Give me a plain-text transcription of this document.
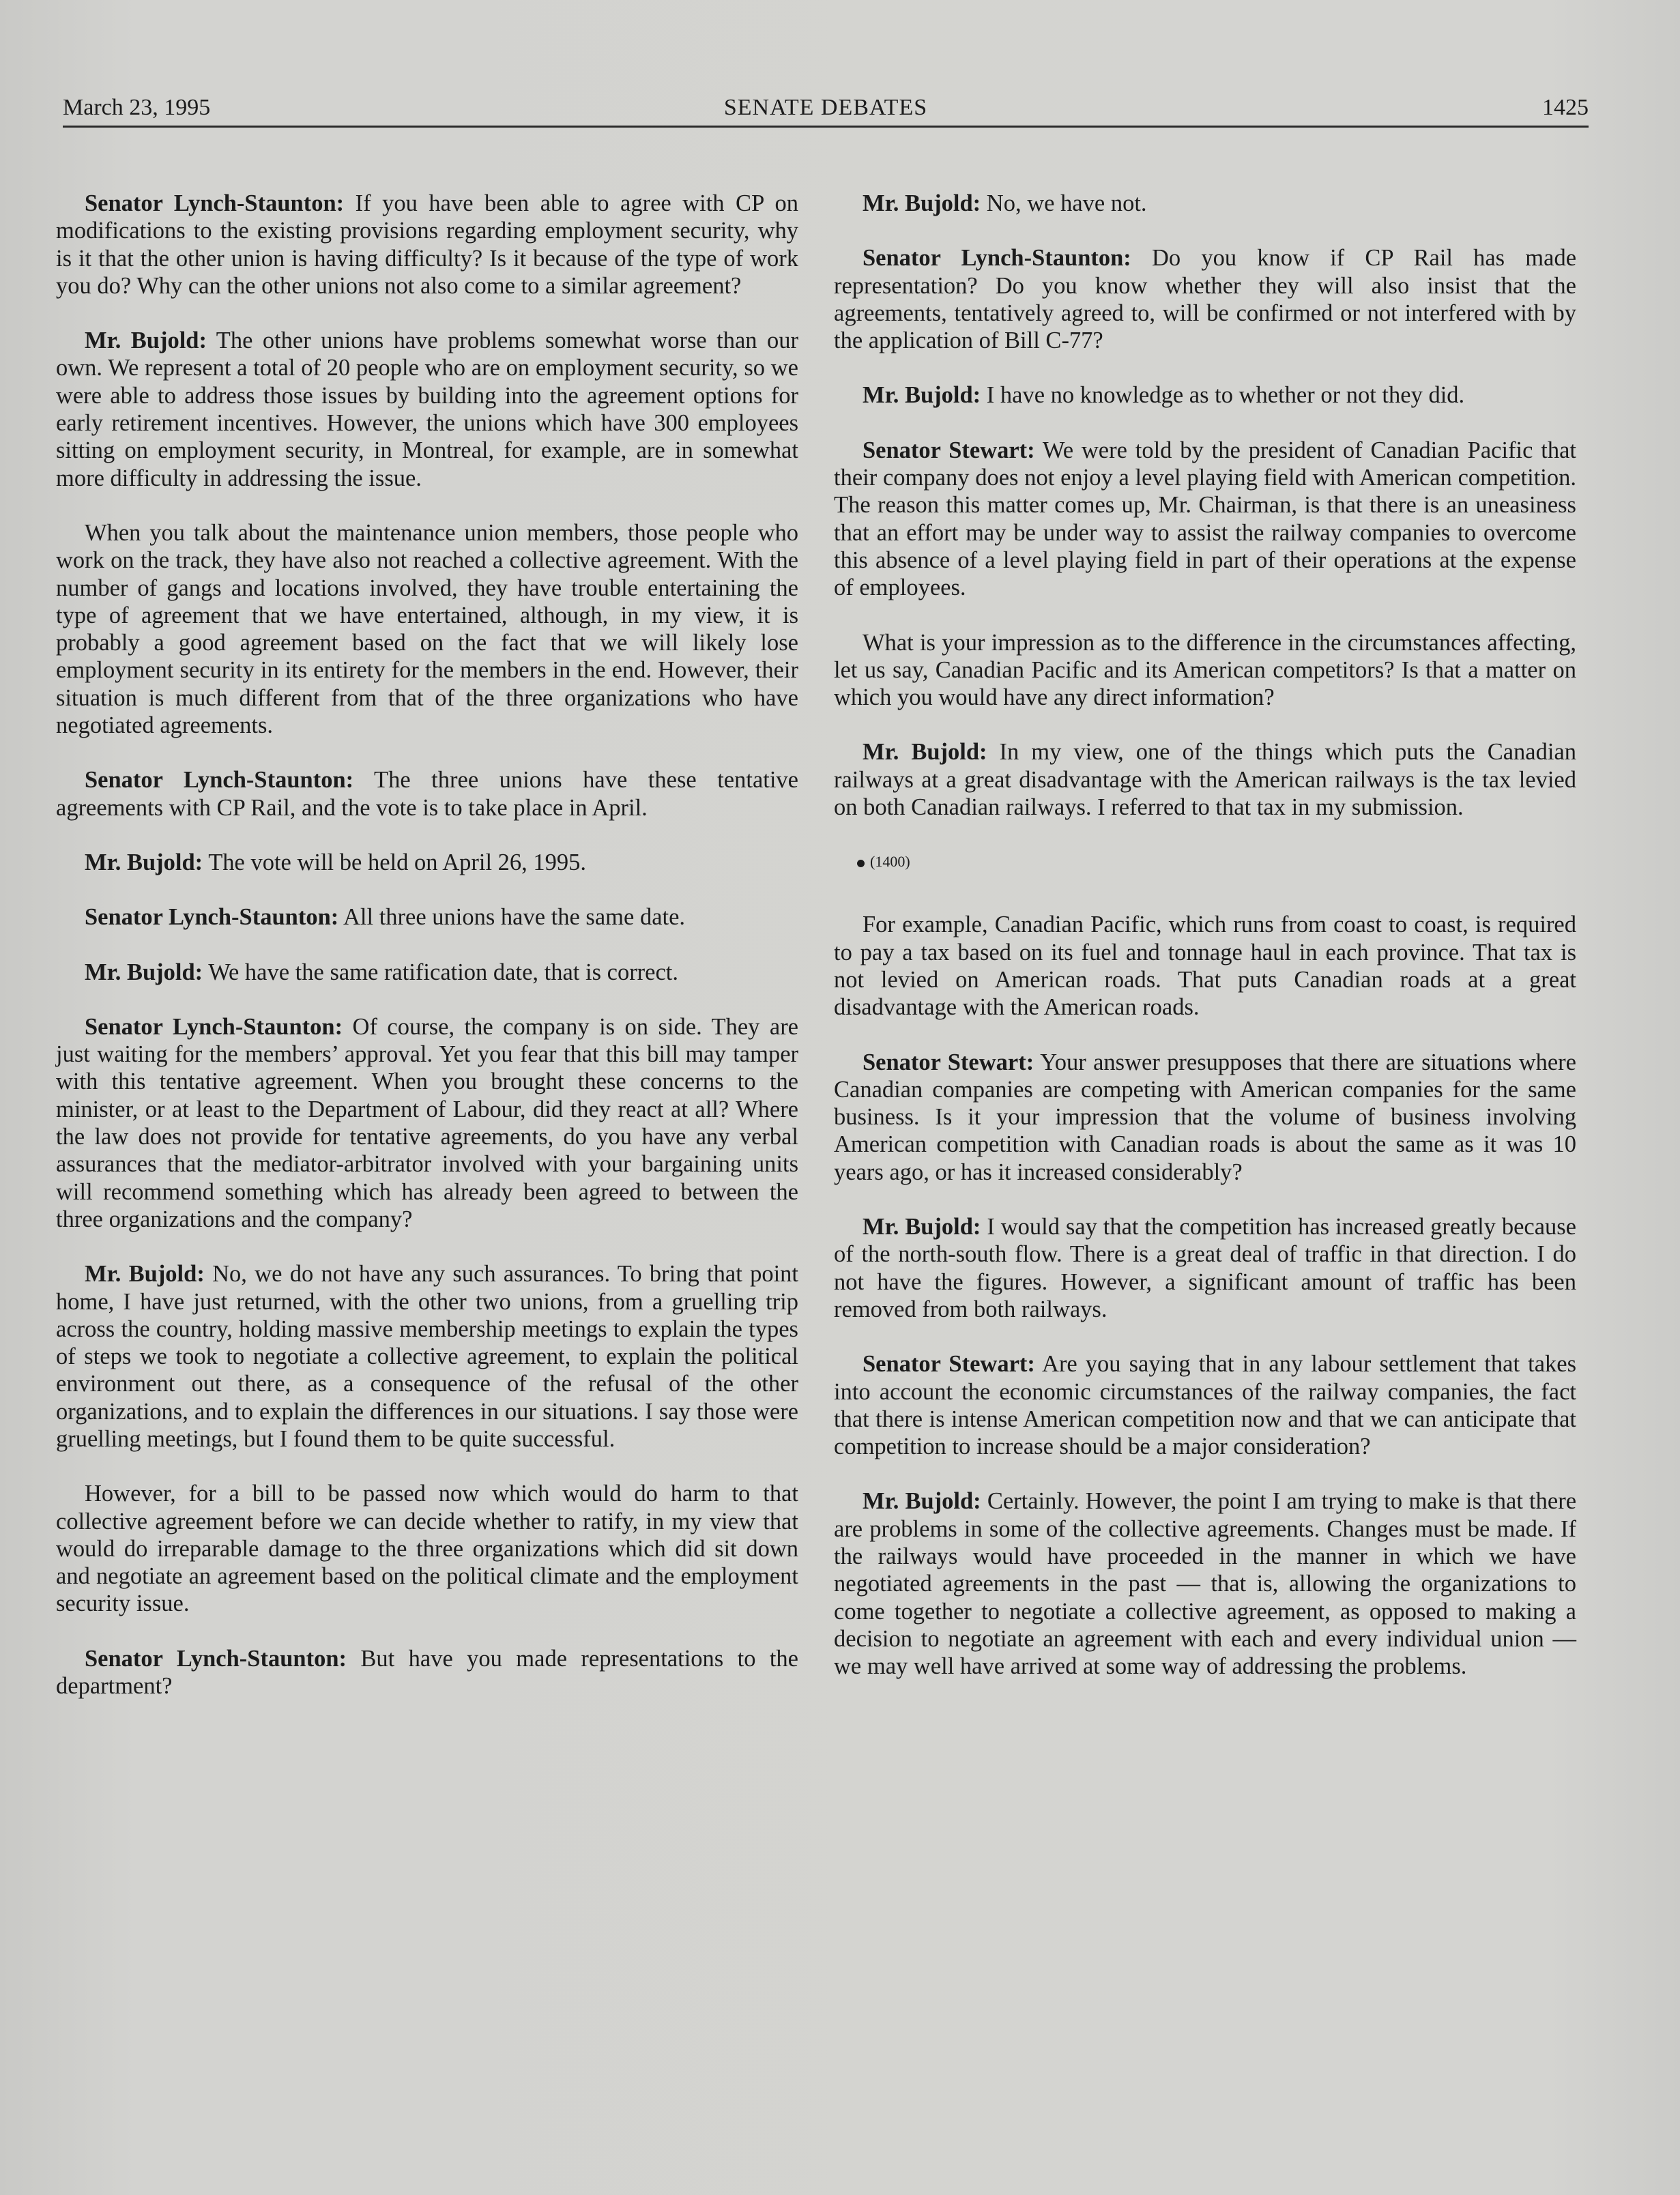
March 23, 1995	SENATE DEBATES	1425

Senator Lynch-Staunton: If you have been able to agree with CP on modifications to the existing provisions regarding employment security, why is it that the other union is having difficulty? Is it because of the type of work you do? Why can the other unions not also come to a similar agreement?

Mr. Bujold: The other unions have problems somewhat worse than our own. We represent a total of 20 people who are on employment security, so we were able to address those issues by building into the agreement options for early retirement incentives. However, the unions which have 300 employees sitting on employment security, in Montreal, for example, are in somewhat more difficulty in addressing the issue.

When you talk about the maintenance union members, those people who work on the track, they have also not reached a collective agreement. With the number of gangs and locations involved, they have trouble entertaining the type of agreement that we have entertained, although, in my view, it is probably a good agreement based on the fact that we will likely lose employment security in its entirety for the members in the end. However, their situation is much different from that of the three organizations who have negotiated agreements.

Senator Lynch-Staunton: The three unions have these tentative agreements with CP Rail, and the vote is to take place in April.

Mr. Bujold: The vote will be held on April 26, 1995.

Senator Lynch-Staunton: All three unions have the same date.

Mr. Bujold: We have the same ratification date, that is correct.

Senator Lynch-Staunton: Of course, the company is on side. They are just waiting for the members’ approval. Yet you fear that this bill may tamper with this tentative agreement. When you brought these concerns to the minister, or at least to the Department of Labour, did they react at all? Where the law does not provide for tentative agreements, do you have any verbal assurances that the mediator-arbitrator involved with your bargaining units will recommend something which has already been agreed to between the three organizations and the company?

Mr. Bujold: No, we do not have any such assurances. To bring that point home, I have just returned, with the other two unions, from a gruelling trip across the country, holding massive membership meetings to explain the types of steps we took to negotiate a collective agreement, to explain the political environment out there, as a consequence of the refusal of the other organizations, and to explain the differences in our situations. I say those were gruelling meetings, but I found them to be quite successful.

However, for a bill to be passed now which would do harm to that collective agreement before we can decide whether to ratify, in my view that would do irreparable damage to the three organizations which did sit down and negotiate an agreement based on the political climate and the employment security issue.

Senator Lynch-Staunton: But have you made representations to the department?

Mr. Bujold: No, we have not.

Senator Lynch-Staunton: Do you know if CP Rail has made representation? Do you know whether they will also insist that the agreements, tentatively agreed to, will be confirmed or not interfered with by the application of Bill C-77?

Mr. Bujold: I have no knowledge as to whether or not they did.

Senator Stewart: We were told by the president of Canadian Pacific that their company does not enjoy a level playing field with American competition. The reason this matter comes up, Mr. Chairman, is that there is an uneasiness that an effort may be under way to assist the railway companies to overcome this absence of a level playing field in part of their operations at the expense of employees.

What is your impression as to the difference in the circumstances affecting, let us say, Canadian Pacific and its American competitors? Is that a matter on which you would have any direct information?

Mr. Bujold: In my view, one of the things which puts the Canadian railways at a great disadvantage with the American railways is the tax levied on both Canadian railways. I referred to that tax in my submission.

(1400)

For example, Canadian Pacific, which runs from coast to coast, is required to pay a tax based on its fuel and tonnage haul in each province. That tax is not levied on American roads. That puts Canadian roads at a great disadvantage with the American roads.

Senator Stewart: Your answer presupposes that there are situations where Canadian companies are competing with American companies for the same business. Is it your impression that the volume of business involving American competition with Canadian roads is about the same as it was 10 years ago, or has it increased considerably?

Mr. Bujold: I would say that the competition has increased greatly because of the north-south flow. There is a great deal of traffic in that direction. I do not have the figures. However, a significant amount of traffic has been removed from both railways.

Senator Stewart: Are you saying that in any labour settlement that takes into account the economic circumstances of the railway companies, the fact that there is intense American competition now and that we can anticipate that competition to increase should be a major consideration?

Mr. Bujold: Certainly. However, the point I am trying to make is that there are problems in some of the collective agreements. Changes must be made. If the railways would have proceeded in the manner in which we have negotiated agreements in the past — that is, allowing the organizations to come together to negotiate a collective agreement, as opposed to making a decision to negotiate an agreement with each and every individual union — we may well have arrived at some way of addressing the problems.
